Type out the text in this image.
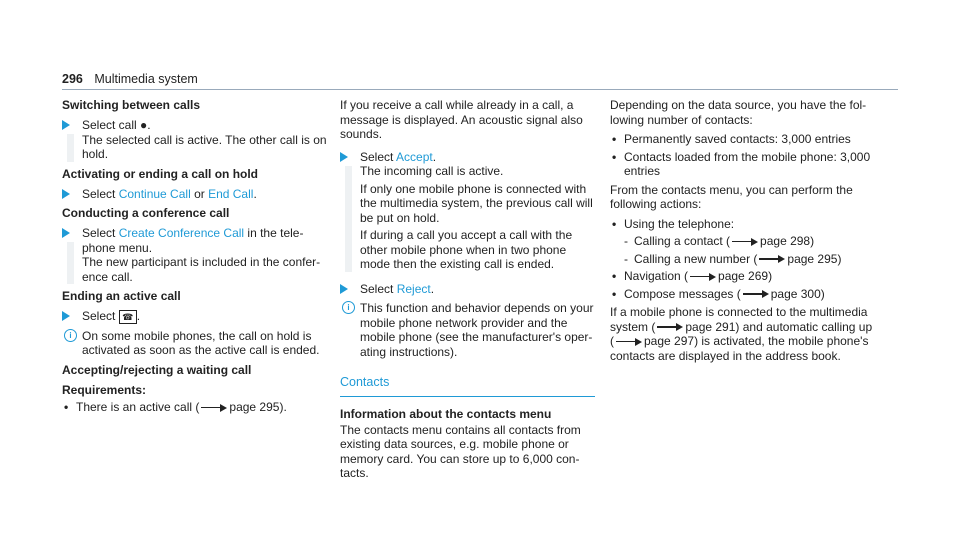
296 Multimedia system
Switching between calls
Select call ●.
The selected call is active. The other call is on hold.
Activating or ending a call on hold
Select Continue Call or End Call.
Conducting a conference call
Select Create Conference Call in the tele-phone menu.
The new participant is included in the confer-ence call.
Ending an active call
Select ☎ .
i On some mobile phones, the call on hold is activated as soon as the active call is ended.
Accepting/rejecting a waiting call
Requirements:
• There is an active call (	page 295).

If you receive a call while already in a call, a message is displayed. An acoustic signal also sounds.

Select Accept.
The incoming call is active.
If only one mobile phone is connected with the multimedia system, the previous call will be put on hold.
If during a call you accept a call with the other mobile phone when in two phone mode then the existing call is ended.
Select Reject.
i This function and behavior depends on your mobile phone network provider and the mobile phone (see the manufacturer's oper-ating instructions).
Contacts
Information about the contacts menu

The contacts menu contains all contacts from existing data sources, e.g. mobile phone or memory card. You can store up to 6,000 con-tacts.

Depending on the data source, you have the fol-lowing number of contacts:

• Permanently saved contacts: 3,000 entries
• Contacts loaded from the mobile phone: 3,000 entries

From the contacts menu, you can perform the following actions:

• Using the telephone:
- Calling a contact (	page 298)
- Calling a new number (	page 295)
• Navigation (	page 269)
• Compose messages (	page 300)

If a mobile phone is connected to the multimedia system (	page 291) and automatic calling up (	page 297) is activated, the mobile phone's contacts are displayed in the address book.
